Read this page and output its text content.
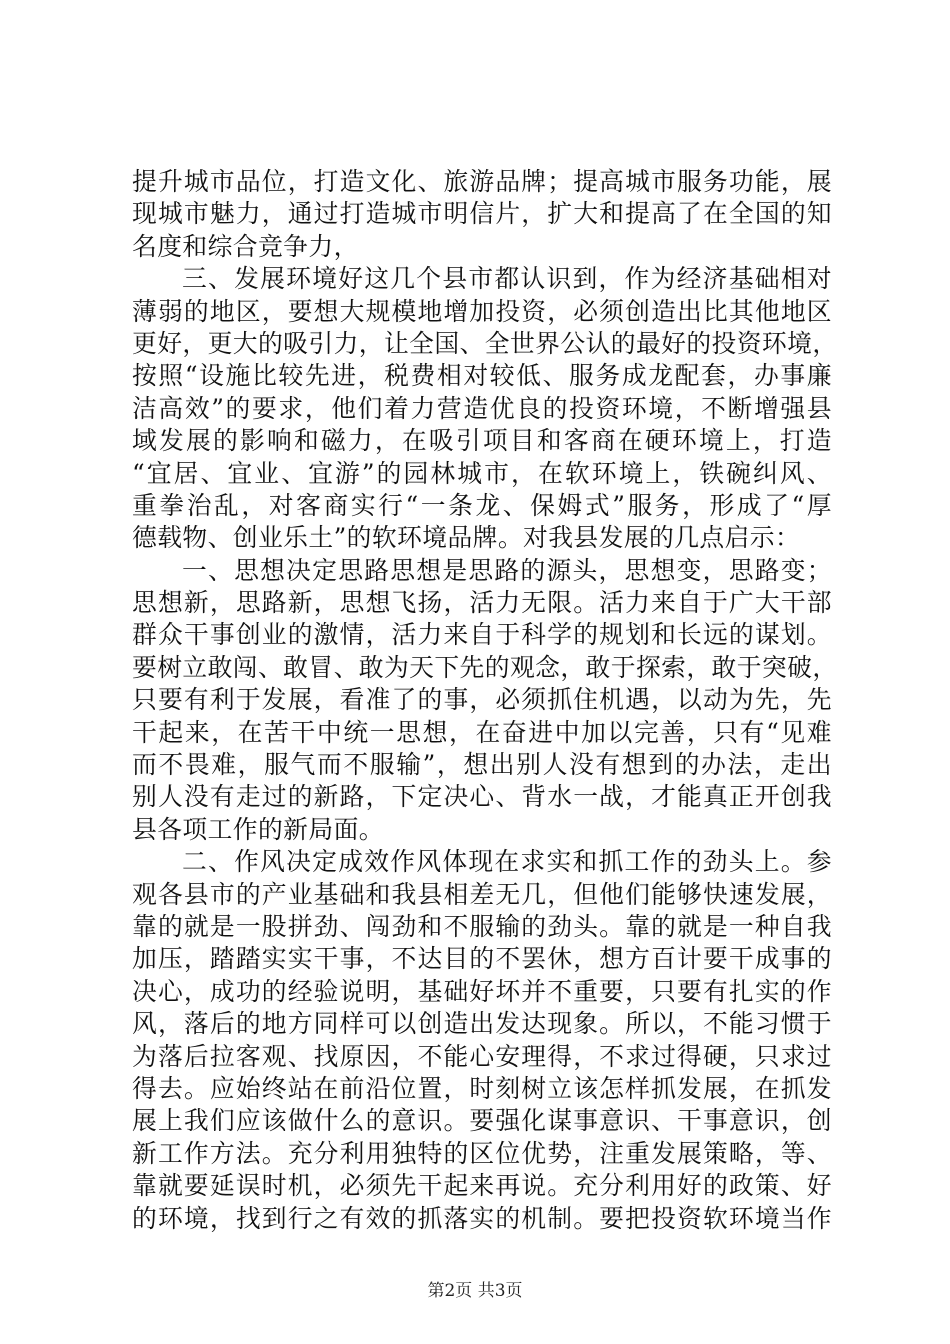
提升城市品位，打造文化、旅游品牌；提高城市服务功能，展
现城市魅力，通过打造城市明信片，扩大和提高了在全国的知
名度和综合竞争力，
三、发展环境好这几个县市都认识到，作为经济基础相对
薄弱的地区，要想大规模地增加投资，必须创造出比其他地区
更好，更大的吸引力，让全国、全世界公认的最好的投资环境，
按照“设施比较先进，税费相对较低、服务成龙配套，办事廉
洁高效”的要求，他们着力营造优良的投资环境，不断增强县
域发展的影响和磁力，在吸引项目和客商在硬环境上，打造
“宜居、宜业、宜游”的园林城市，在软环境上，铁碗纠风、
重拳治乱，对客商实行“一条龙、保姆式”服务，形成了“厚
德载物、创业乐土”的软环境品牌。对我县发展的几点启示：
一、思想决定思路思想是思路的源头，思想变，思路变；
思想新，思路新，思想飞扬，活力无限。活力来自于广大干部
群众干事创业的激情，活力来自于科学的规划和长远的谋划。
要树立敢闯、敢冒、敢为天下先的观念，敢于探索，敢于突破，
只要有利于发展，看准了的事，必须抓住机遇，以动为先，先
干起来，在苦干中统一思想，在奋进中加以完善，只有“见难
而不畏难，服气而不服输”，想出别人没有想到的办法，走出
别人没有走过的新路，下定决心、背水一战，才能真正开创我
县各项工作的新局面。
二、作风决定成效作风体现在求实和抓工作的劲头上。参
观各县市的产业基础和我县相差无几，但他们能够快速发展，
靠的就是一股拼劲、闯劲和不服输的劲头。靠的就是一种自我
加压，踏踏实实干事，不达目的不罢休，想方百计要干成事的
决心，成功的经验说明，基础好坏并不重要，只要有扎实的作
风，落后的地方同样可以创造出发达现象。所以，不能习惯于
为落后拉客观、找原因，不能心安理得，不求过得硬，只求过
得去。应始终站在前沿位置，时刻树立该怎样抓发展，在抓发
展上我们应该做什么的意识。要强化谋事意识、干事意识，创
新工作方法。充分利用独特的区位优势，注重发展策略，等、
靠就要延误时机，必须先干起来再说。充分利用好的政策、好
的环境，找到行之有效的抓落实的机制。要把投资软环境当作
第2页 共3页
